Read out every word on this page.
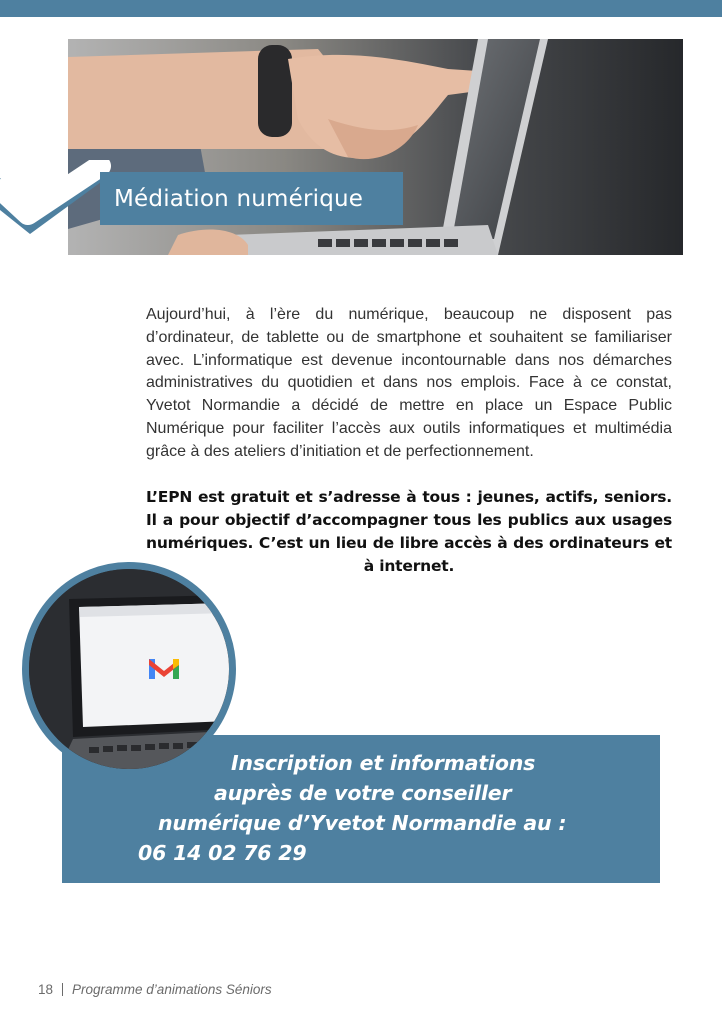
Médiation numérique

Aujourd’hui, à l’ère du numérique, beaucoup ne disposent pas d’ordinateur, de tablette ou de smartphone et souhaitent se familiariser avec. L’informatique est devenue incontournable dans nos démarches administratives du quotidien et dans nos emplois. Face à ce constat, Yvetot Normandie a décidé de mettre en place un Espace Public Numérique pour faciliter l’accès aux outils informatiques et multimédia grâce à des ateliers d’initiation et de perfectionnement.

L’EPN est gratuit et s’adresse à tous : jeunes, actifs, seniors. Il a pour objectif d’accompagner tous les publics aux usages numériques. C’est un lieu de libre accès à des ordinateurs et à internet.

Inscription et informations
auprès de votre conseiller
numérique d’Yvetot Normandie au :
06 14 02 76 29
18 Programme d’animations Séniors
